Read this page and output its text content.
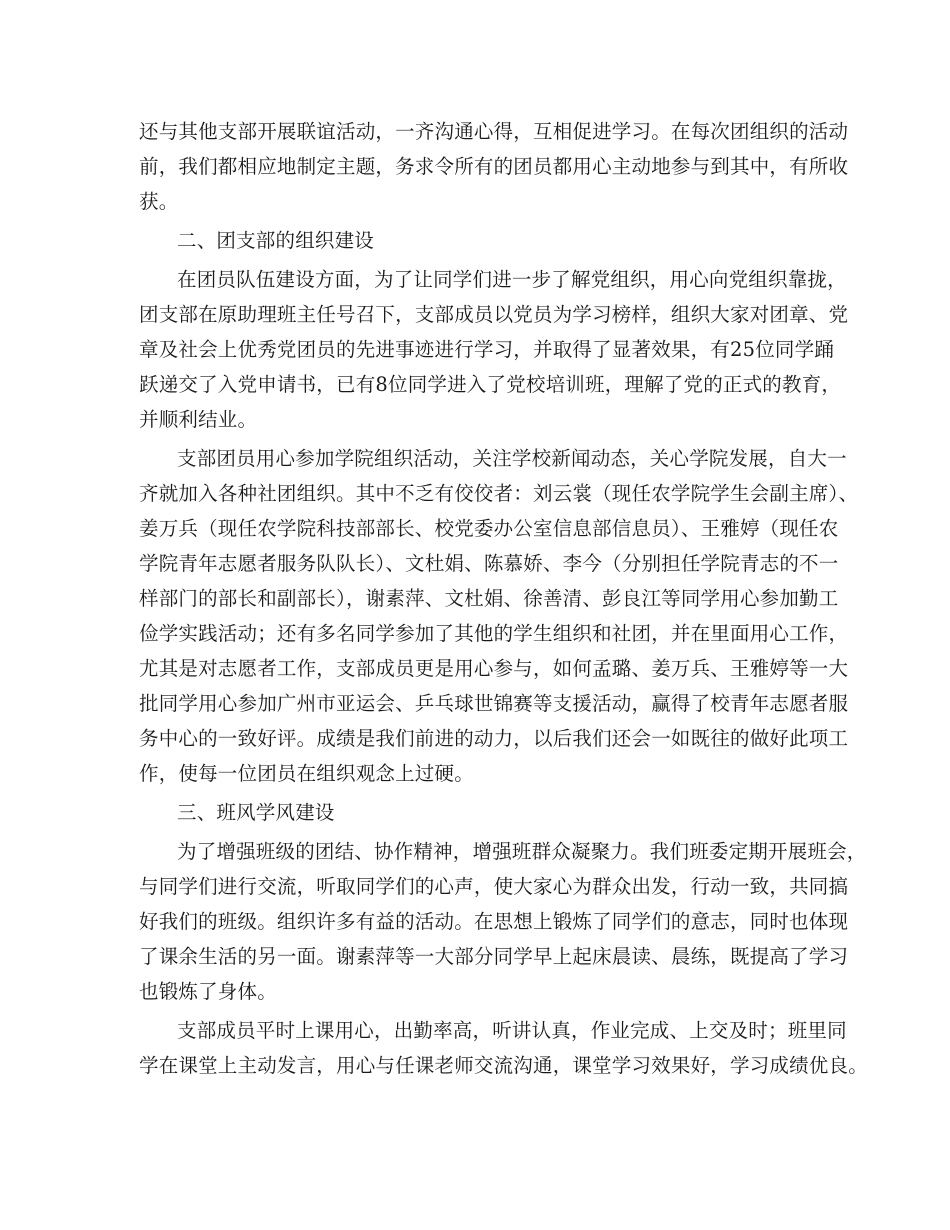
还与其他支部开展联谊活动，一齐沟通心得，互相促进学习。在每次团组织的活动
前，我们都相应地制定主题，务求令所有的团员都用心主动地参与到其中，有所收
获。
二、团支部的组织建设
在团员队伍建设方面，为了让同学们进一步了解党组织，用心向党组织靠拢，
团支部在原助理班主任号召下，支部成员以党员为学习榜样，组织大家对团章、党
章及社会上优秀党团员的先进事迹进行学习，并取得了显著效果，有25位同学踊
跃递交了入党申请书，已有8位同学进入了党校培训班，理解了党的正式的教育，
并顺利结业。
支部团员用心参加学院组织活动，关注学校新闻动态，关心学院发展，自大一
齐就加入各种社团组织。其中不乏有佼佼者：刘云裳（现任农学院学生会副主席）、
姜万兵（现任农学院科技部部长、校党委办公室信息部信息员）、王雅婷（现任农
学院青年志愿者服务队队长）、文杜娟、陈慕娇、李今（分别担任学院青志的不一
样部门的部长和副部长），谢素萍、文杜娟、徐善清、彭良江等同学用心参加勤工
俭学实践活动；还有多名同学参加了其他的学生组织和社团，并在里面用心工作，
尤其是对志愿者工作，支部成员更是用心参与，如何孟璐、姜万兵、王雅婷等一大
批同学用心参加广州市亚运会、乒乓球世锦赛等支援活动，赢得了校青年志愿者服
务中心的一致好评。成绩是我们前进的动力，以后我们还会一如既往的做好此项工
作，使每一位团员在组织观念上过硬。
三、班风学风建设
为了增强班级的团结、协作精神，增强班群众凝聚力。我们班委定期开展班会，
与同学们进行交流，听取同学们的心声，使大家心为群众出发，行动一致，共同搞
好我们的班级。组织许多有益的活动。在思想上锻炼了同学们的意志，同时也体现
了课余生活的另一面。谢素萍等一大部分同学早上起床晨读、晨练，既提高了学习
也锻炼了身体。
支部成员平时上课用心，出勤率高，听讲认真，作业完成、上交及时；班里同
学在课堂上主动发言，用心与任课老师交流沟通，课堂学习效果好，学习成绩优良。
